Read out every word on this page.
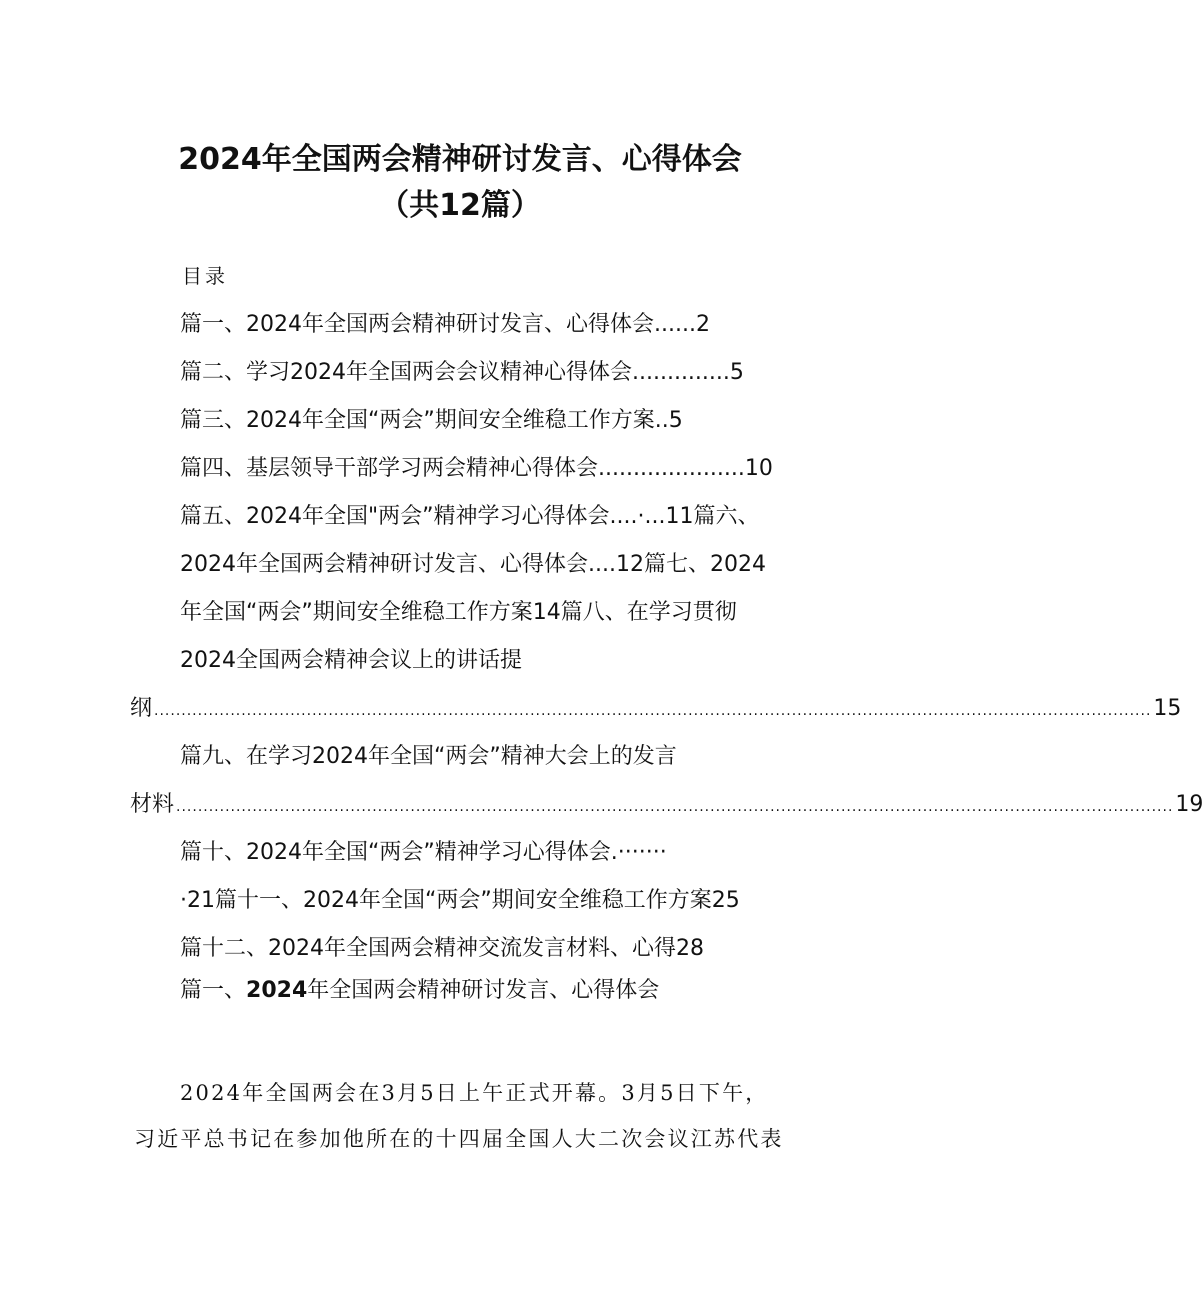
2024年全国两会精神研讨发言、心得体会
（共12篇）
目录
篇一、2024年全国两会精神研讨发言、心得体会......2
篇二、学习2024年全国两会会议精神心得体会..............5
篇三、2024年全国“两会”期间安全维稳工作方案..5
篇四、基层领导干部学习两会精神心得体会.....................10
篇五、2024年全国"两会”精神学习心得体会....·...11篇六、
2024年全国两会精神研讨发言、心得体会....12篇七、2024
年全国“两会”期间安全维稳工作方案14篇八、在学习贯彻
2024全国两会精神会议上的讲话提
纲 ....................................................................................................................................................................................... 15
篇九、在学习2024年全国“两会”精神大会上的发言
材料 ....................................................................................................................................................................................... 19
篇十、2024年全国“两会”精神学习心得体会.·······
·21篇十一、2024年全国“两会”期间安全维稳工作方案25
篇十二、2024年全国两会精神交流发言材料、心得28
篇一、2024年全国两会精神研讨发言、心得体会
2024年全国两会在3月5日上午正式开幕。3月5日下午，
习近平总书记在参加他所在的十四届全国人大二次会议江苏代表
